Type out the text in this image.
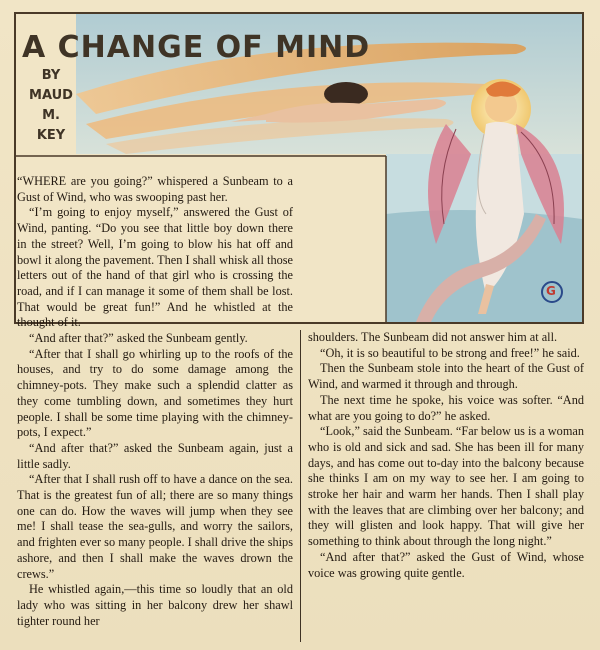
G
A CHANGE OF MIND
BY
MAUD
M.
KEY

“WHERE are you going?” whispered a Sunbeam to a Gust of Wind, who was swooping past her.

“I’m going to enjoy myself,” answered the Gust of Wind, panting. “Do you see that little boy down there in the street? Well, I’m going to blow his hat off and bowl it along the pavement. Then I shall whisk all those letters out of the hand of that girl who is crossing the road, and if I can manage it some of them shall be lost. That would be great fun!” And he whistled at the thought of it.

“And after that?” asked the Sunbeam gently.

“After that I shall go whirling up to the roofs of the houses, and try to do some damage among the chimney-pots. They make such a splendid clatter as they come tumbling down, and sometimes they hurt people. I shall be some time playing with the chimney-pots, I expect.”

“And after that?” asked the Sunbeam again, just a little sadly.

“After that I shall rush off to have a dance on the sea. That is the greatest fun of all; there are so many things one can do. How the waves will jump when they see me! I shall tease the sea-gulls, and worry the sailors, and frighten ever so many people. I shall drive the ships ashore, and then I shall make the waves drown the crews.”

He whistled again,—this time so loudly that an old lady who was sitting in her balcony drew her shawl tighter round her

shoulders. The Sunbeam did not answer him at all.

“Oh, it is so beautiful to be strong and free!” he said.

Then the Sunbeam stole into the heart of the Gust of Wind, and warmed it through and through.

The next time he spoke, his voice was softer. “And what are you going to do?” he asked.

“Look,” said the Sunbeam. “Far below us is a woman who is old and sick and sad. She has been ill for many days, and has come out to-day into the balcony because she thinks I am on my way to see her. I am going to stroke her hair and warm her hands. Then I shall play with the leaves that are climbing over her balcony; and they will glisten and look happy. That will give her something to think about through the long night.”

“And after that?” asked the Gust of Wind, whose voice was growing quite gentle.
